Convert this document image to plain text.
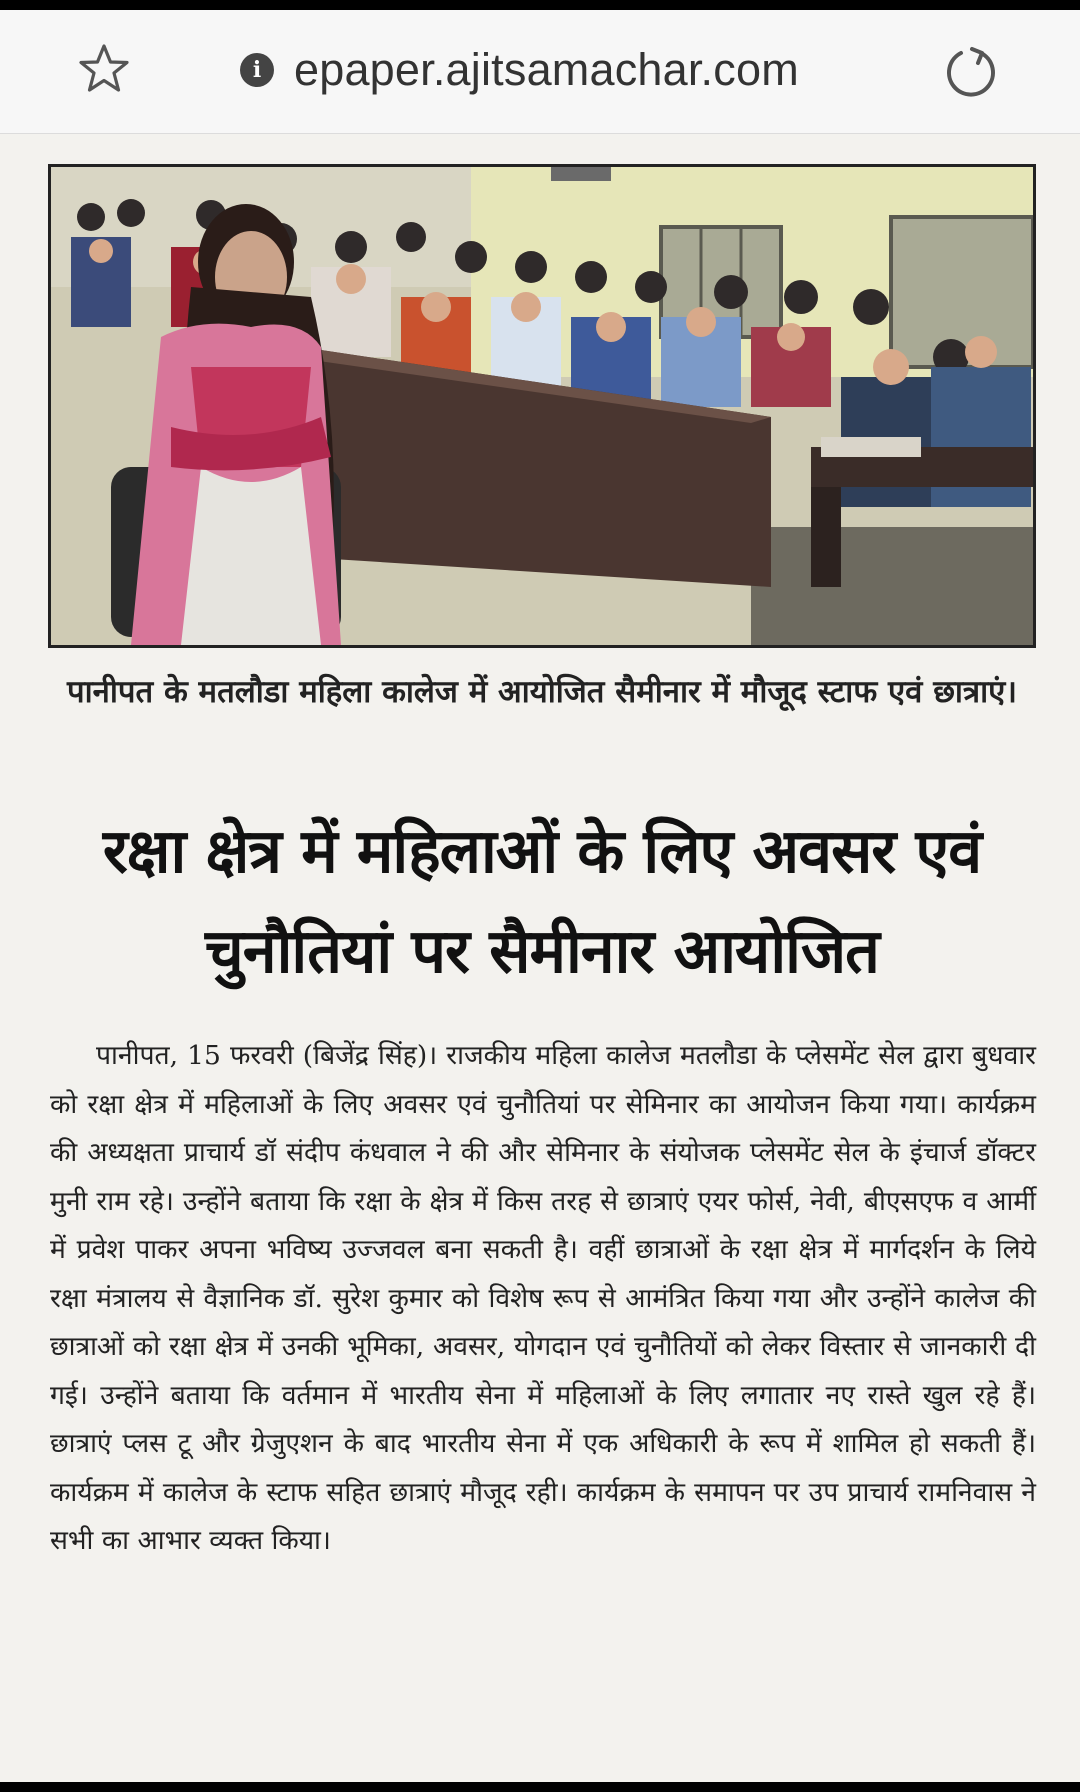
i epaper.ajitsamachar.com
पानीपत के मतलौडा महिला कालेज में आयोजित सैमीनार में मौजूद स्टाफ एवं छात्राएं।
रक्षा क्षेत्र में महिलाओं के लिए अवसर एवं चुनौतियां पर सैमीनार आयोजित
पानीपत, 15 फरवरी (बिजेंद्र सिंह)। राजकीय महिला कालेज मतलौडा के प्लेसमेंट सेल द्वारा बुधवार को रक्षा क्षेत्र में महिलाओं के लिए अवसर एवं चुनौतियां पर सेमिनार का आयोजन किया गया। कार्यक्रम की अध्यक्षता प्राचार्य डॉ संदीप कंधवाल ने की और सेमिनार के संयोजक प्लेसमेंट सेल के इंचार्ज डॉक्टर मुनी राम रहे। उन्होंने बताया कि रक्षा के क्षेत्र में किस तरह से छात्राएं एयर फोर्स, नेवी, बीएसएफ व आर्मी में प्रवेश पाकर अपना भविष्य उज्जवल बना सकती है। वहीं छात्राओं के रक्षा क्षेत्र में मार्गदर्शन के लिये रक्षा मंत्रालय से वैज्ञानिक डॉ. सुरेश कुमार को विशेष रूप से आमंत्रित किया गया और उन्होंने कालेज की छात्राओं को रक्षा क्षेत्र में उनकी भूमिका, अवसर, योगदान एवं चुनौतियों को लेकर विस्तार से जानकारी दी गई। उन्होंने बताया कि वर्तमान में भारतीय सेना में महिलाओं के लिए लगातार नए रास्ते खुल रहे हैं। छात्राएं प्लस टू और ग्रेजुएशन के बाद भारतीय सेना में एक अधिकारी के रूप में शामिल हो सकती हैं। कार्यक्रम में कालेज के स्टाफ सहित छात्राएं मौजूद रही। कार्यक्रम के समापन पर उप प्राचार्य रामनिवास ने सभी का आभार व्यक्त किया।
